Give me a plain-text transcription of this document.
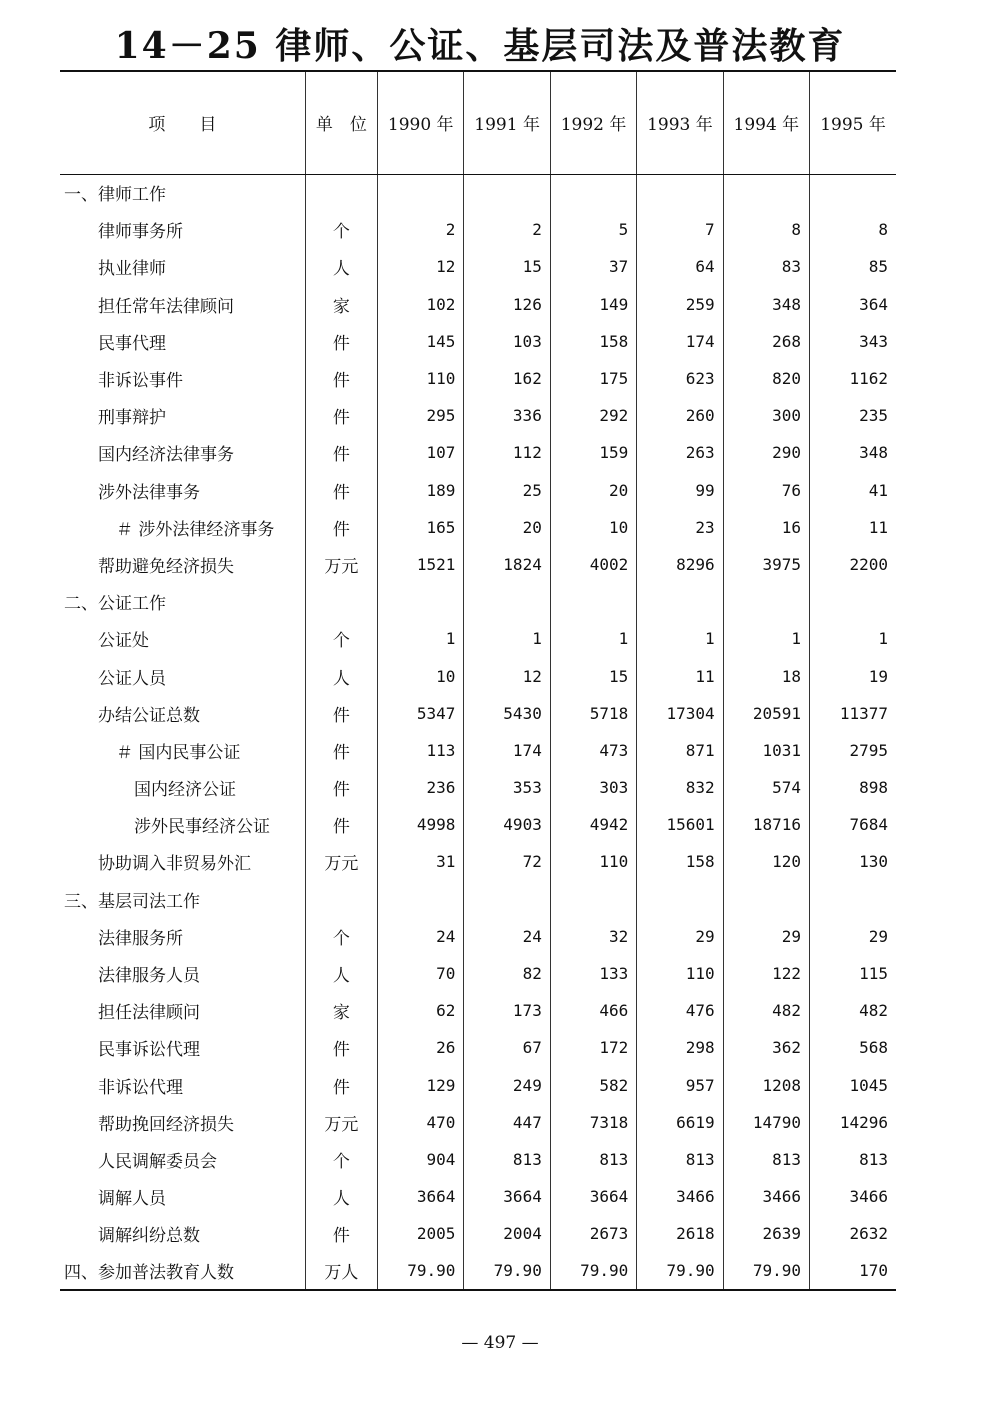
14－25 律师、公证、基层司法及普法教育
项　　目	单　位	1990 年	1991 年	1992 年	1993 年	1994 年	1995 年
一、律师工作							
律师事务所	个	2	2	5	7	8	8
执业律师	人	12	15	37	64	83	85
担任常年法律顾问	家	102	126	149	259	348	364
民事代理	件	145	103	158	174	268	343
非诉讼事件	件	110	162	175	623	820	1162
刑事辩护	件	295	336	292	260	300	235
国内经济法律事务	件	107	112	159	263	290	348
涉外法律事务	件	189	25	20	99	76	41
＃ 涉外法律经济事务	件	165	20	10	23	16	11
帮助避免经济损失	万元	1521	1824	4002	8296	3975	2200
二、公证工作							
公证处	个	1	1	1	1	1	1
公证人员	人	10	12	15	11	18	19
办结公证总数	件	5347	5430	5718	17304	20591	11377
＃ 国内民事公证	件	113	174	473	871	1031	2795
国内经济公证	件	236	353	303	832	574	898
涉外民事经济公证	件	4998	4903	4942	15601	18716	7684
协助调入非贸易外汇	万元	31	72	110	158	120	130
三、基层司法工作							
法律服务所	个	24	24	32	29	29	29
法律服务人员	人	70	82	133	110	122	115
担任法律顾问	家	62	173	466	476	482	482
民事诉讼代理	件	26	67	172	298	362	568
非诉讼代理	件	129	249	582	957	1208	1045
帮助挽回经济损失	万元	470	447	7318	6619	14790	14296
人民调解委员会	个	904	813	813	813	813	813
调解人员	人	3664	3664	3664	3466	3466	3466
调解纠纷总数	件	2005	2004	2673	2618	2639	2632
四、参加普法教育人数	万人	79.90	79.90	79.90	79.90	79.90	170
— 497 —
